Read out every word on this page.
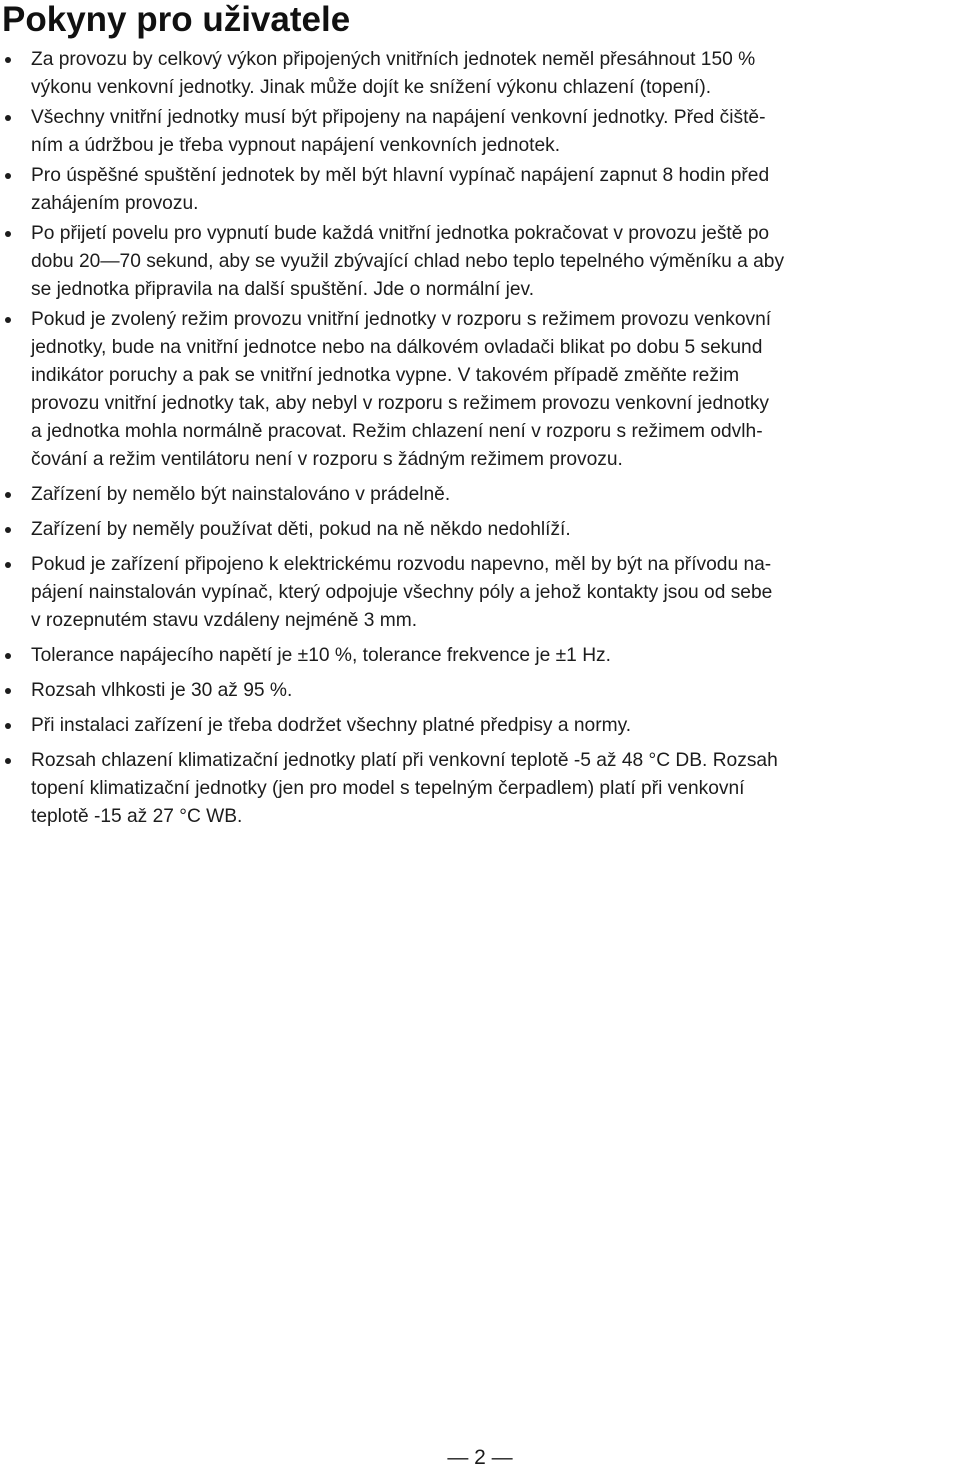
Pokyny pro uživatele
Za provozu by celkový výkon připojených vnitřních jednotek neměl přesáhnout 150 %
výkonu venkovní jednotky. Jinak může dojít ke snížení výkonu chlazení (topení).
Všechny vnitřní jednotky musí být připojeny na napájení venkovní jednotky. Před čiště-
ním a údržbou je třeba vypnout napájení venkovních jednotek.
Pro úspěšné spuštění jednotek by měl být hlavní vypínač napájení zapnut 8 hodin před
zahájením provozu.
Po přijetí povelu pro vypnutí bude každá vnitřní jednotka pokračovat v provozu ještě po
dobu 20—70 sekund, aby se využil zbývající chlad nebo teplo tepelného výměníku a aby
se jednotka připravila na další spuštění. Jde o normální jev.
Pokud je zvolený režim provozu vnitřní jednotky v rozporu s režimem provozu venkovní
jednotky, bude na vnitřní jednotce nebo na dálkovém ovladači blikat po dobu 5 sekund
indikátor poruchy a pak se vnitřní jednotka vypne. V takovém případě změňte režim
provozu vnitřní jednotky tak, aby nebyl v rozporu s režimem provozu venkovní jednotky
a jednotka mohla normálně pracovat. Režim chlazení není v rozporu s režimem odvlh-
čování a režim ventilátoru není v rozporu s žádným režimem provozu.
Zařízení by nemělo být nainstalováno v prádelně.
Zařízení by neměly používat děti, pokud na ně někdo nedohlíží.
Pokud je zařízení připojeno k elektrickému rozvodu napevno, měl by být na přívodu na-
pájení nainstalován vypínač, který odpojuje všechny póly a jehož kontakty jsou od sebe
v rozepnutém stavu vzdáleny nejméně 3 mm.
Tolerance napájecího napětí je ±10 %, tolerance frekvence je ±1 Hz.
Rozsah vlhkosti je 30 až 95 %.
Při instalaci zařízení je třeba dodržet všechny platné předpisy a normy.
Rozsah chlazení klimatizační jednotky platí při venkovní teplotě -5 až 48 °C DB. Rozsah
topení klimatizační jednotky (jen pro model s tepelným čerpadlem) platí při venkovní
teplotě -15 až 27 °C WB.
— 2 —
